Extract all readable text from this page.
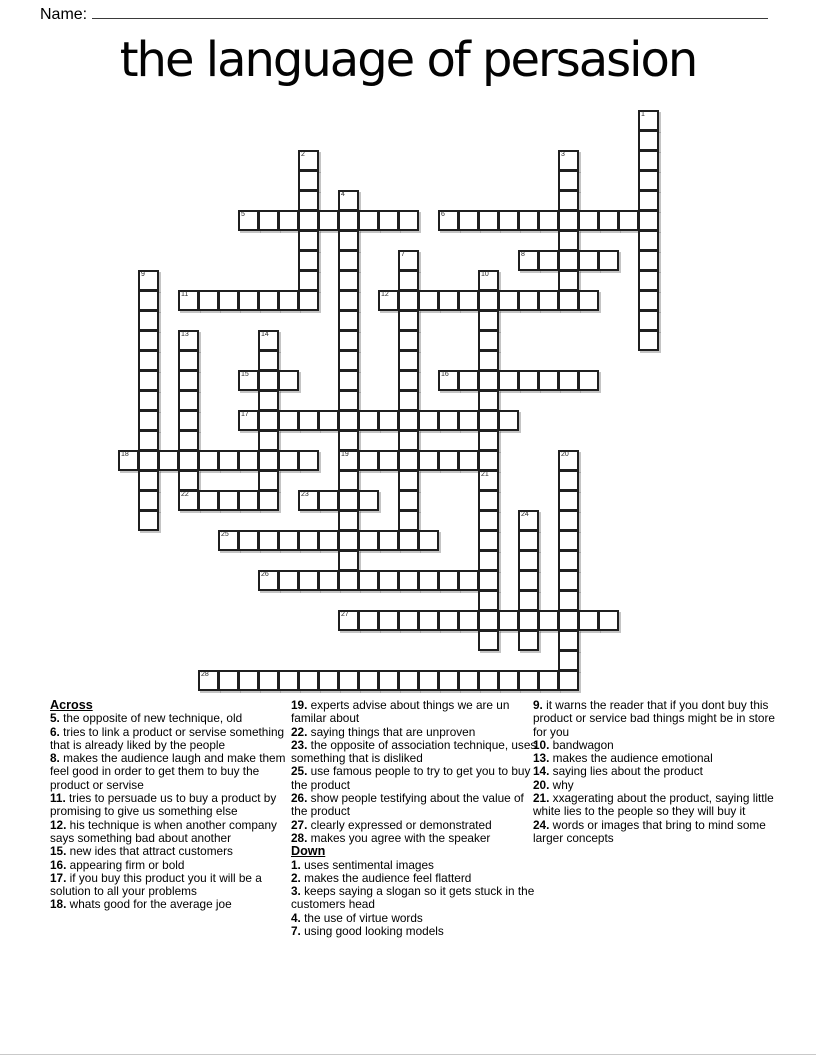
Name:
the language of persasion
1
2	3
4
5	6
7	8
9	10
11	12
13	14
15	16
17
18	19	20
21
22	23
24
25
26
27
28
Across
5. the opposite of new technique, old
6. tries to link a product or servise something that is already liked by the people
8. makes the audience laugh and make them feel good in order to get them to buy the product or servise
11. tries to persuade us to buy a product by promising to give us something else
12. his technique is when another company says something bad about another
15. new ides that attract customers
16. appearing firm or bold
17. if you buy this product you it will be a solution to all your problems
18. whats good for the average joe
19. experts advise about things we are un familar about
22. saying things that are unproven
23. the opposite of association technique, uses something that is disliked
25. use famous people to try to get you to buy the product
26. show people testifying about the value of the product
27. clearly expressed or demonstrated
28. makes you agree with the speaker
Down
1. uses sentimental images
2. makes the audience feel flatterd
3. keeps saying a slogan so it gets stuck in the customers head
4. the use of virtue words
7. using good looking models
9. it warns the reader that if you dont buy this product or service bad things might be in store for you
10. bandwagon
13. makes the audience emotional
14. saying lies about the product
20. why
21. xxagerating about the product, saying little white lies to the people so they will buy it
24. words or images that bring to mind some larger concepts
